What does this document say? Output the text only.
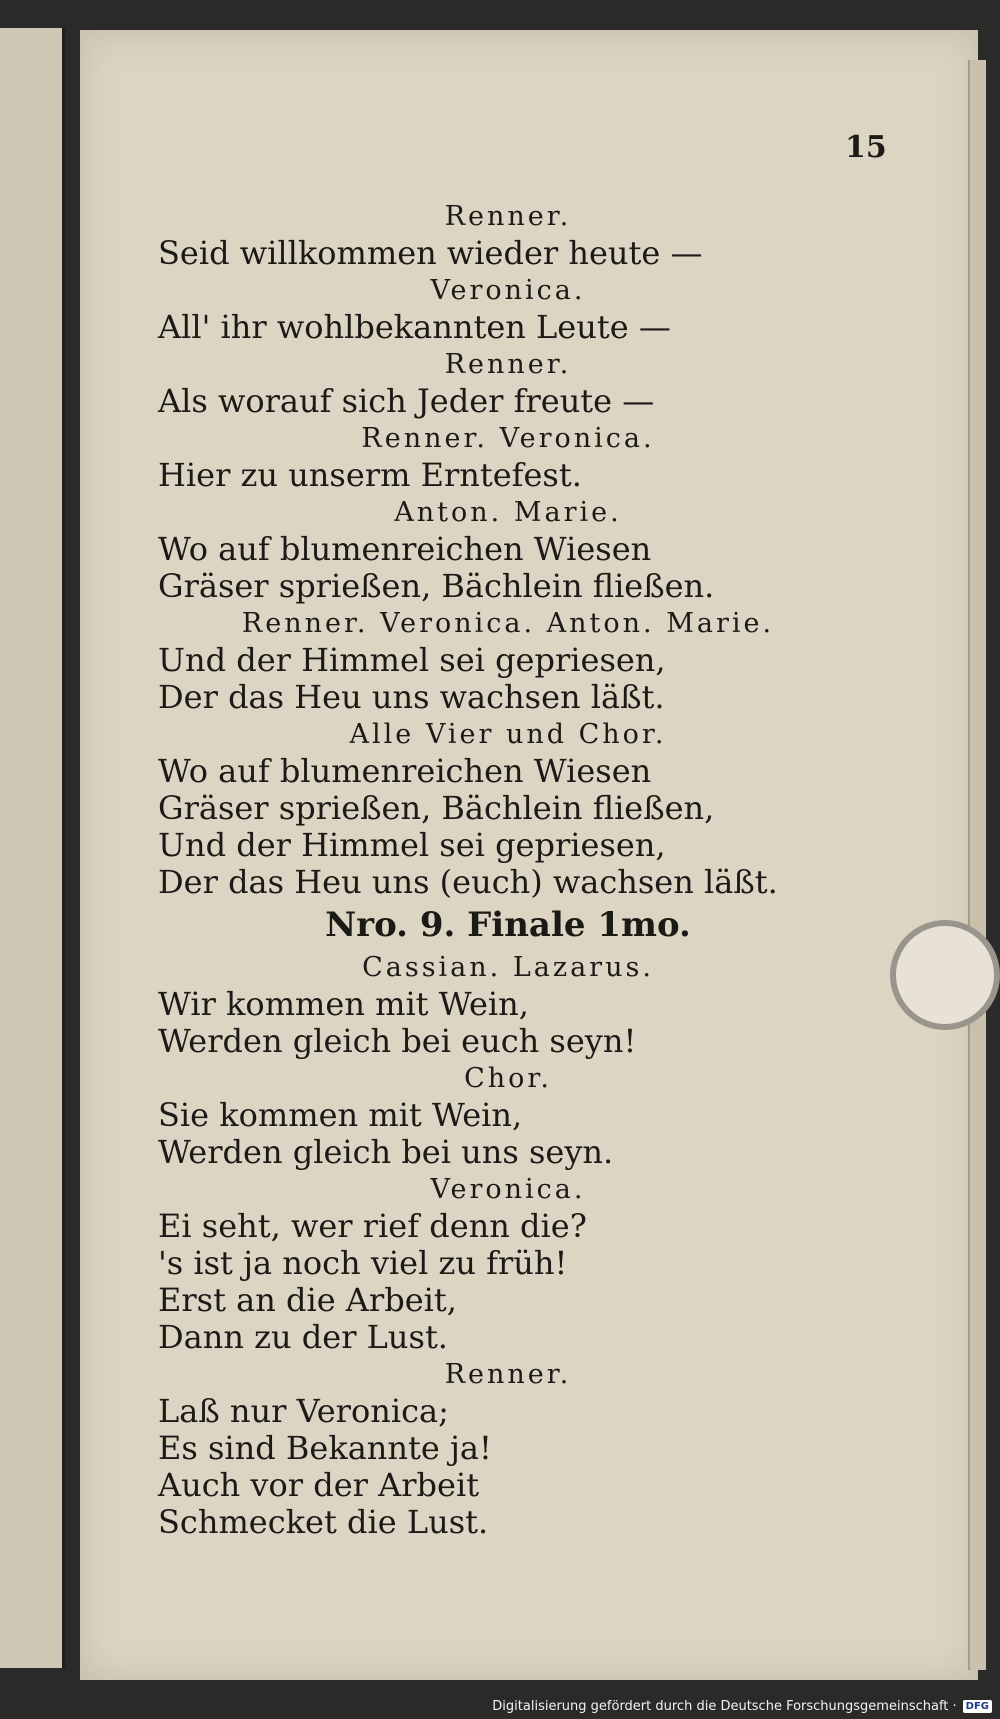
15
Renner.
Seid willkommen wieder heute —
Veronica.
All' ihr wohlbekannten Leute —
Renner.
Als worauf sich Jeder freute —
Renner. Veronica.
Hier zu unserm Erntefest.
Anton. Marie.
Wo auf blumenreichen Wiesen
Gräser sprießen, Bächlein fließen.
Renner. Veronica. Anton. Marie.
Und der Himmel sei gepriesen,
Der das Heu uns wachsen läßt.
Alle Vier und Chor.
Wo auf blumenreichen Wiesen
Gräser sprießen, Bächlein fließen,
Und der Himmel sei gepriesen,
Der das Heu uns (euch) wachsen läßt.
Nro. 9. Finale 1mo.
Cassian. Lazarus.
Wir kommen mit Wein,
Werden gleich bei euch seyn!
Chor.
Sie kommen mit Wein,
Werden gleich bei uns seyn.
Veronica.
Ei seht, wer rief denn die?
's ist ja noch viel zu früh!
Erst an die Arbeit,
Dann zu der Lust.
Renner.
Laß nur Veronica;
Es sind Bekannte ja!
Auch vor der Arbeit
Schmecket die Lust.
Digitalisierung gefördert durch die Deutsche Forschungsgemeinschaft · DFG
